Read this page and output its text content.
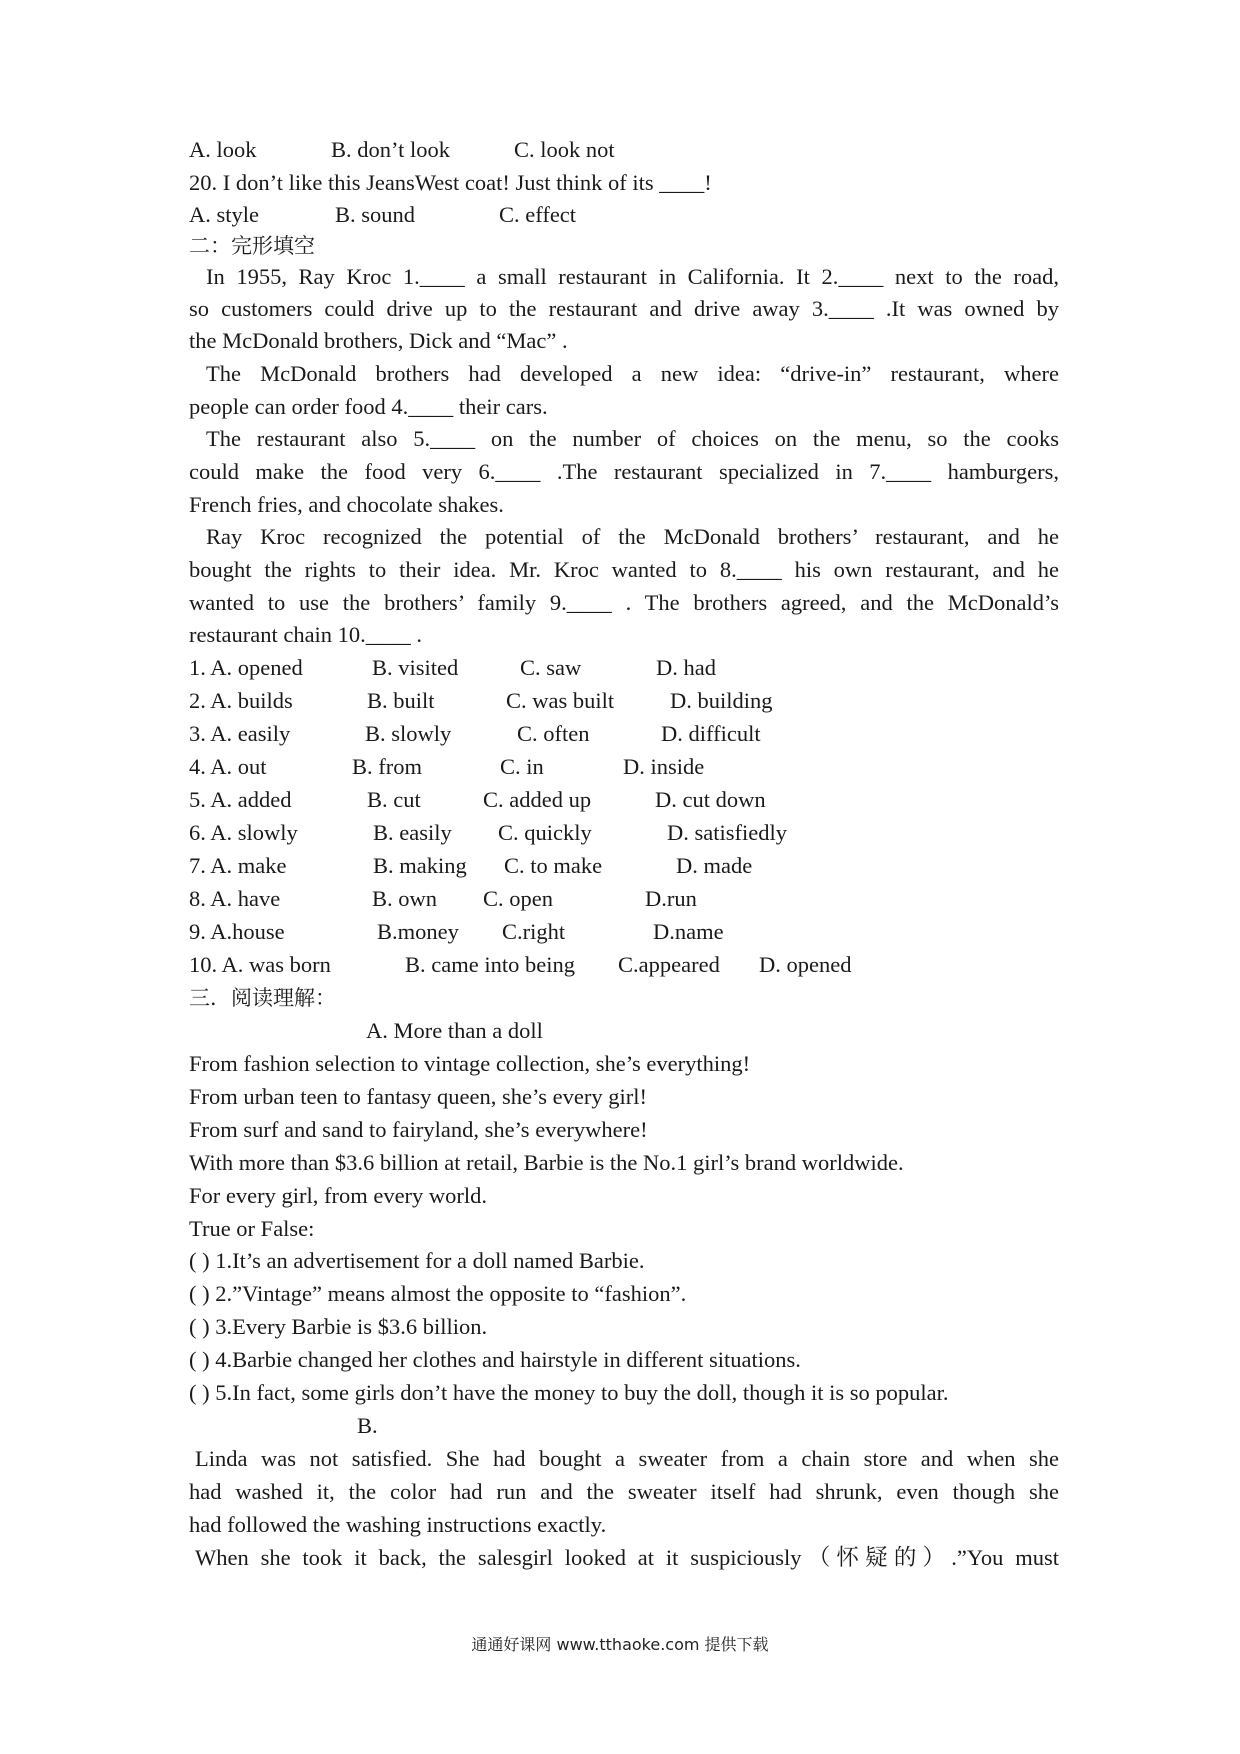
A. look	B. don’t look	C. look not
20. I don’t like this JeansWest coat! Just think of its ____!
A. style	B. sound	C. effect
二：完形填空
In 1955, Ray Kroc 1.____ a small restaurant in California. It 2.____ next to the road,
so customers could drive up to the restaurant and drive away 3.____ .It was owned by
the McDonald brothers, Dick and “Mac” .
The McDonald brothers had developed a new idea: “drive-in” restaurant, where
people can order food 4.____ their cars.
The restaurant also 5.____ on the number of choices on the menu, so the cooks
could make the food very 6.____ .The restaurant specialized in 7.____ hamburgers,
French fries, and chocolate shakes.
Ray Kroc recognized the potential of the McDonald brothers’ restaurant, and he
bought the rights to their idea. Mr. Kroc wanted to 8.____ his own restaurant, and he
wanted to use the brothers’ family 9.____ . The brothers agreed, and the McDonald’s
restaurant chain 10.____ .
1. A. opened	B. visited	C. saw	D. had
2. A. builds	B. built	C. was built D. building
3. A. easily	B. slowly	C. often	D. difficult
4. A. out	B. from	C. in	D. inside
5. A. added	B. cut	C. added up	D. cut down
6. A. slowly	B. easily C. quickly	D. satisfiedly
7. A. make	B. making C. to make	D. made
8. A. have	B. own C. open	D.run
9. A.house	B.money C.right	D.name
10. A. was born	B. came into being C.appeared D. opened
三．阅读理解：
A. More than a doll
From fashion selection to vintage collection, she’s everything!
From urban teen to fantasy queen, she’s every girl!
From surf and sand to fairyland, she’s everywhere!
With more than $3.6 billion at retail, Barbie is the No.1 girl’s brand worldwide.
For every girl, from every world.
True or False:
( ) 1.It’s an advertisement for a doll named Barbie.
( ) 2.”Vintage” means almost the opposite to “fashion”.
( ) 3.Every Barbie is $3.6 billion.
( ) 4.Barbie changed her clothes and hairstyle in different situations.
( ) 5.In fact, some girls don’t have the money to buy the doll, though it is so popular.
B.
Linda was not satisfied. She had bought a sweater from a chain store and when she
had washed it, the color had run and the sweater itself had shrunk, even though she
had followed the washing instructions exactly.
When she took it back, the salesgirl looked at it suspiciously（怀疑的）.”You must
通通好课网 www.tthaoke.com 提供下载
